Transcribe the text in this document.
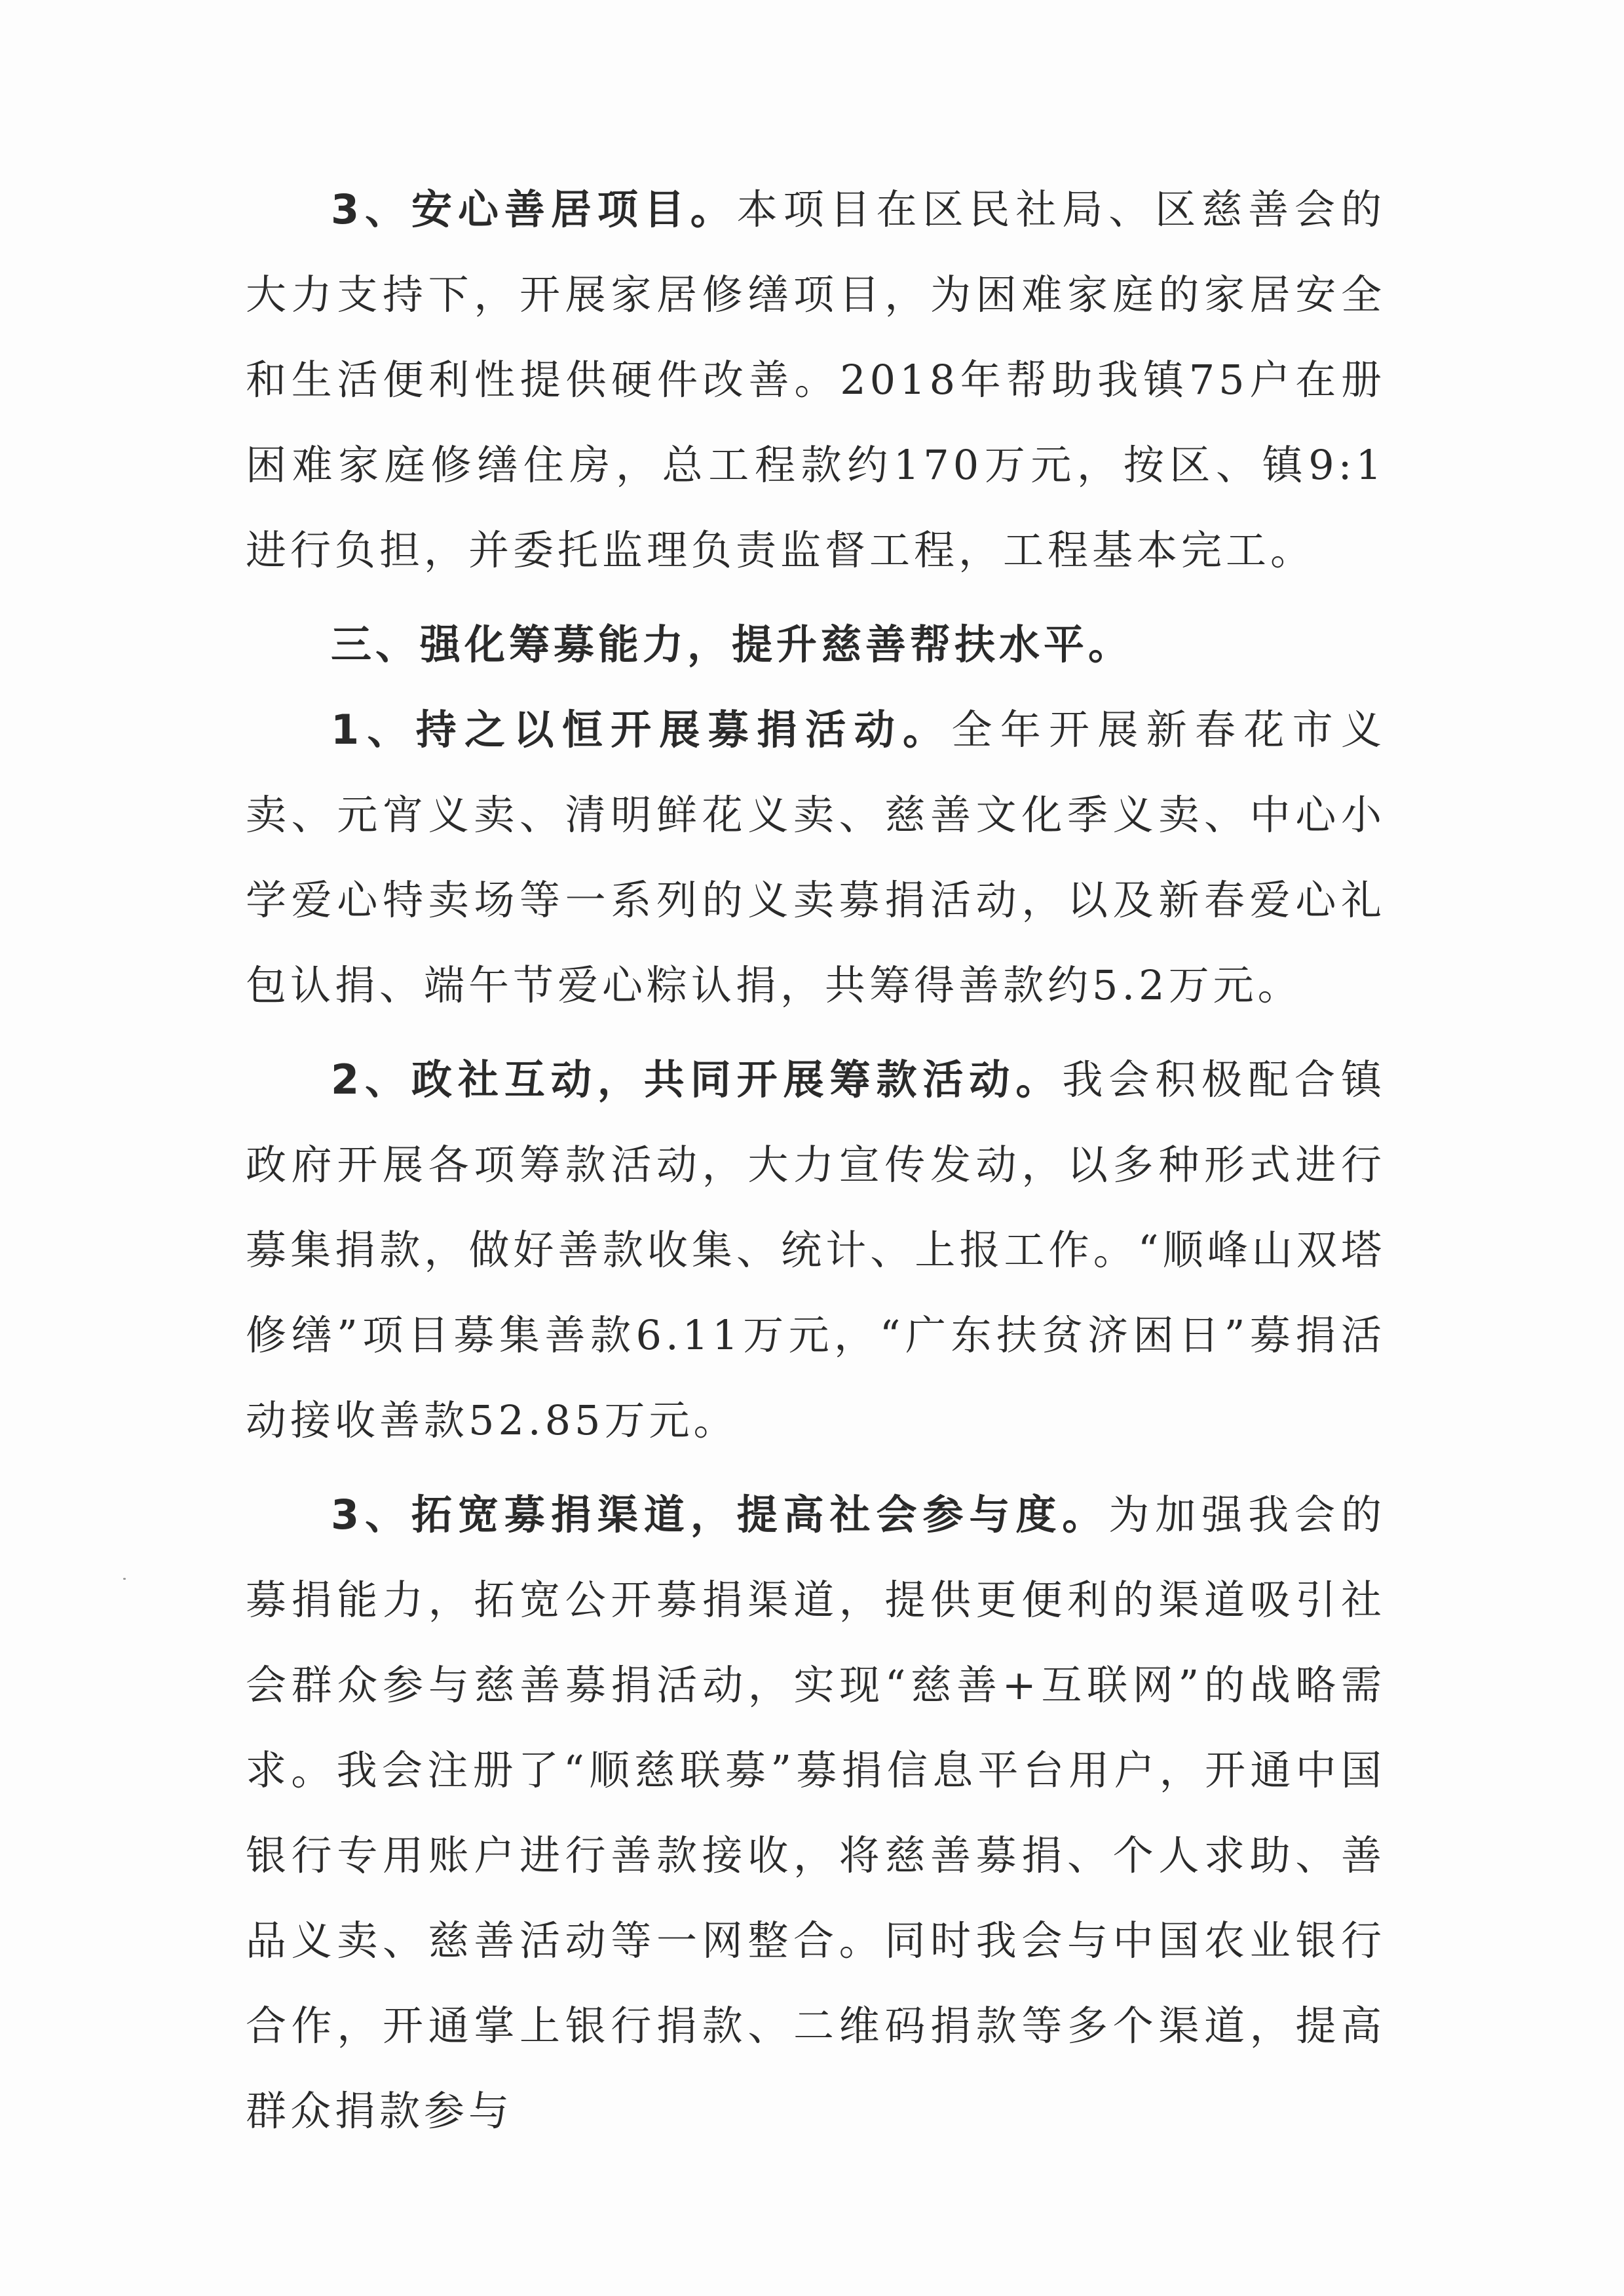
3、安心善居项目。本项目在区民社局、区慈善会的大力支持下，开展家居修缮项目，为困难家庭的家居安全和生活便利性提供硬件改善。2018年帮助我镇75户在册困难家庭修缮住房，总工程款约170万元，按区、镇9:1进行负担，并委托监理负责监督工程，工程基本完工。

三、强化筹募能力，提升慈善帮扶水平。

1、持之以恒开展募捐活动。全年开展新春花市义卖、元宵义卖、清明鲜花义卖、慈善文化季义卖、中心小学爱心特卖场等一系列的义卖募捐活动，以及新春爱心礼包认捐、端午节爱心粽认捐，共筹得善款约5.2万元。

2、政社互动，共同开展筹款活动。我会积极配合镇政府开展各项筹款活动，大力宣传发动，以多种形式进行募集捐款，做好善款收集、统计、上报工作。“顺峰山双塔修缮”项目募集善款6.11万元，“广东扶贫济困日”募捐活动接收善款52.85万元。

3、拓宽募捐渠道，提高社会参与度。为加强我会的募捐能力，拓宽公开募捐渠道，提供更便利的渠道吸引社会群众参与慈善募捐活动，实现“慈善+互联网”的战略需求。我会注册了“顺慈联募”募捐信息平台用户，开通中国银行专用账户进行善款接收，将慈善募捐、个人求助、善品义卖、慈善活动等一网整合。同时我会与中国农业银行合作，开通掌上银行捐款、二维码捐款等多个渠道，提高群众捐款参与
